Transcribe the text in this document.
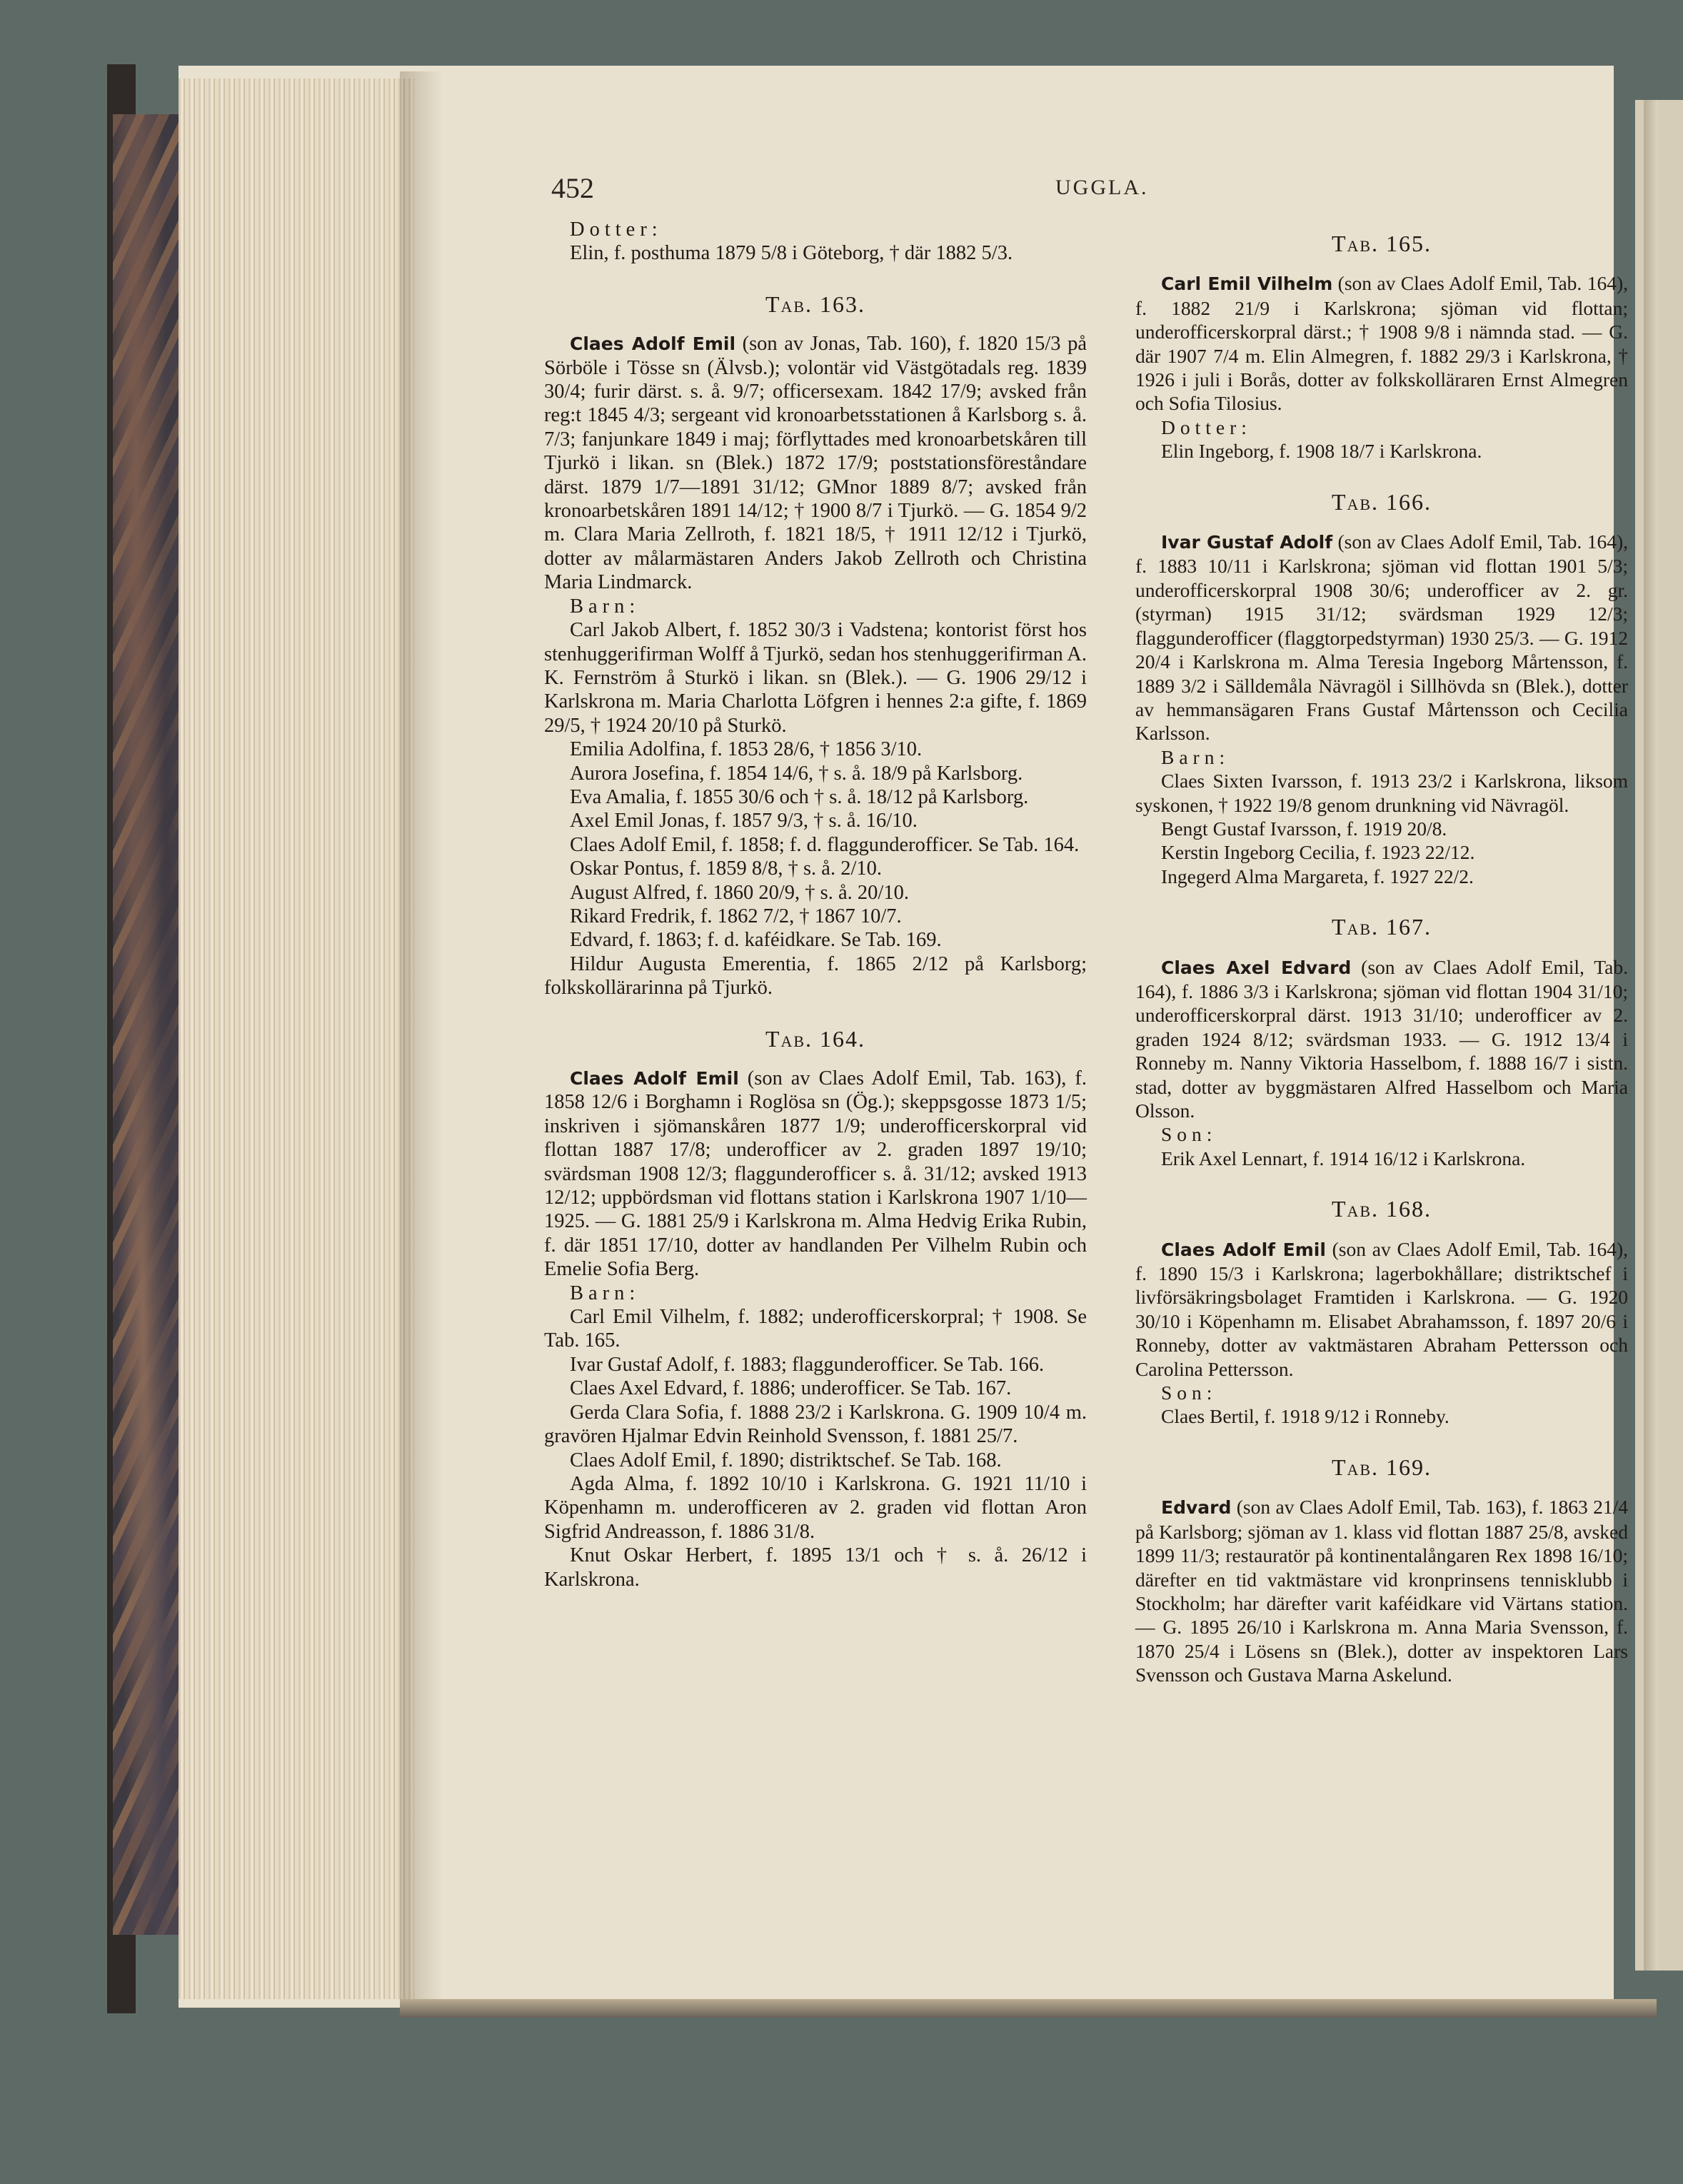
452	UGGLA.

Dotter:

Elin, f. posthuma 1879 5/8 i Göteborg, † där 1882 5/3.

Tab. 163.

Claes Adolf Emil (son av Jonas, Tab. 160), f. 1820 15/3 på Sörböle i Tösse sn (Älvsb.); volontär vid Västgötadals reg. 1839 30/4; furir därst. s. å. 9/7; officersexam. 1842 17/9; avsked från reg:t 1845 4/3; sergeant vid kronoarbetsstationen å Karlsborg s. å. 7/3; fanjunkare 1849 i maj; förflyttades med kronoarbetskåren till Tjurkö i likan. sn (Blek.) 1872 17/9; poststationsföreståndare därst. 1879 1/7—1891 31/12; GMnor 1889 8/7; avsked från kronoarbetskåren 1891 14/12; † 1900 8/7 i Tjurkö. — G. 1854 9/2 m. Clara Maria Zellroth, f. 1821 18/5, † 1911 12/12 i Tjurkö, dotter av målarmästaren Anders Jakob Zellroth och Christina Maria Lindmarck.

Barn:

Carl Jakob Albert, f. 1852 30/3 i Vadstena; kontorist först hos stenhuggerifirman Wolff å Tjurkö, sedan hos stenhuggerifirman A. K. Fernström å Sturkö i likan. sn (Blek.). — G. 1906 29/12 i Karlskrona m. Maria Charlotta Löfgren i hennes 2:a gifte, f. 1869 29/5, † 1924 20/10 på Sturkö.

Emilia Adolfina, f. 1853 28/6, † 1856 3/10.

Aurora Josefina, f. 1854 14/6, † s. å. 18/9 på Karlsborg.

Eva Amalia, f. 1855 30/6 och † s. å. 18/12 på Karlsborg.

Axel Emil Jonas, f. 1857 9/3, † s. å. 16/10.

Claes Adolf Emil, f. 1858; f. d. flaggunderofficer. Se Tab. 164.

Oskar Pontus, f. 1859 8/8, † s. å. 2/10.

August Alfred, f. 1860 20/9, † s. å. 20/10.

Rikard Fredrik, f. 1862 7/2, † 1867 10/7.

Edvard, f. 1863; f. d. kaféidkare. Se Tab. 169.

Hildur Augusta Emerentia, f. 1865 2/12 på Karlsborg; folkskollärarinna på Tjurkö.

Tab. 164.

Claes Adolf Emil (son av Claes Adolf Emil, Tab. 163), f. 1858 12/6 i Borghamn i Roglösa sn (Ög.); skeppsgosse 1873 1/5; inskriven i sjömanskåren 1877 1/9; underofficerskorpral vid flottan 1887 17/8; underofficer av 2. graden 1897 19/10; svärdsman 1908 12/3; flaggunderofficer s. å. 31/12; avsked 1913 12/12; uppbördsman vid flottans station i Karlskrona 1907 1/10—1925. — G. 1881 25/9 i Karlskrona m. Alma Hedvig Erika Rubin, f. där 1851 17/10, dotter av handlanden Per Vilhelm Rubin och Emelie Sofia Berg.

Barn:

Carl Emil Vilhelm, f. 1882; underofficerskorpral; † 1908. Se Tab. 165.

Ivar Gustaf Adolf, f. 1883; flaggunderofficer. Se Tab. 166.

Claes Axel Edvard, f. 1886; underofficer. Se Tab. 167.

Gerda Clara Sofia, f. 1888 23/2 i Karlskrona. G. 1909 10/4 m. gravören Hjalmar Edvin Reinhold Svensson, f. 1881 25/7.

Claes Adolf Emil, f. 1890; distriktschef. Se Tab. 168.

Agda Alma, f. 1892 10/10 i Karlskrona. G. 1921 11/10 i Köpenhamn m. underofficeren av 2. graden vid flottan Aron Sigfrid Andreasson, f. 1886 31/8.

Knut Oskar Herbert, f. 1895 13/1 och † s. å. 26/12 i Karlskrona.

Tab. 165.

Carl Emil Vilhelm (son av Claes Adolf Emil, Tab. 164), f. 1882 21/9 i Karlskrona; sjöman vid flottan; underofficerskorpral därst.; † 1908 9/8 i nämnda stad. — G. där 1907 7/4 m. Elin Almegren, f. 1882 29/3 i Karlskrona, † 1926 i juli i Borås, dotter av folkskolläraren Ernst Almegren och Sofia Tilosius.

Dotter:

Elin Ingeborg, f. 1908 18/7 i Karlskrona.

Tab. 166.

Ivar Gustaf Adolf (son av Claes Adolf Emil, Tab. 164), f. 1883 10/11 i Karlskrona; sjöman vid flottan 1901 5/3; underofficerskorpral 1908 30/6; underofficer av 2. gr. (styrman) 1915 31/12; svärdsman 1929 12/3; flaggunderofficer (flaggtorpedstyrman) 1930 25/3. — G. 1912 20/4 i Karlskrona m. Alma Teresia Ingeborg Mårtensson, f. 1889 3/2 i Sälldemåla Nävragöl i Sillhövda sn (Blek.), dotter av hemmansägaren Frans Gustaf Mårtensson och Cecilia Karlsson.

Barn:

Claes Sixten Ivarsson, f. 1913 23/2 i Karlskrona, liksom syskonen, † 1922 19/8 genom drunkning vid Nävragöl.

Bengt Gustaf Ivarsson, f. 1919 20/8.

Kerstin Ingeborg Cecilia, f. 1923 22/12.

Ingegerd Alma Margareta, f. 1927 22/2.

Tab. 167.

Claes Axel Edvard (son av Claes Adolf Emil, Tab. 164), f. 1886 3/3 i Karlskrona; sjöman vid flottan 1904 31/10; underofficerskorpral därst. 1913 31/10; underofficer av 2. graden 1924 8/12; svärdsman 1933. — G. 1912 13/4 i Ronneby m. Nanny Viktoria Hasselbom, f. 1888 16/7 i sistn. stad, dotter av byggmästaren Alfred Hasselbom och Maria Olsson.

Son:

Erik Axel Lennart, f. 1914 16/12 i Karlskrona.

Tab. 168.

Claes Adolf Emil (son av Claes Adolf Emil, Tab. 164), f. 1890 15/3 i Karlskrona; lagerbokhållare; distriktschef i livförsäkringsbolaget Framtiden i Karlskrona. — G. 1920 30/10 i Köpenhamn m. Elisabet Abrahamsson, f. 1897 20/6 i Ronneby, dotter av vaktmästaren Abraham Pettersson och Carolina Pettersson.

Son:

Claes Bertil, f. 1918 9/12 i Ronneby.

Tab. 169.

Edvard (son av Claes Adolf Emil, Tab. 163), f. 1863 21/4 på Karlsborg; sjöman av 1. klass vid flottan 1887 25/8, avsked 1899 11/3; restauratör på kontinentalångaren Rex 1898 16/10; därefter en tid vaktmästare vid kronprinsens tennisklubb i Stockholm; har därefter varit kaféidkare vid Värtans station. — G. 1895 26/10 i Karlskrona m. Anna Maria Svensson, f. 1870 25/4 i Lösens sn (Blek.), dotter av inspektoren Lars Svensson och Gustava Marna Askelund.
